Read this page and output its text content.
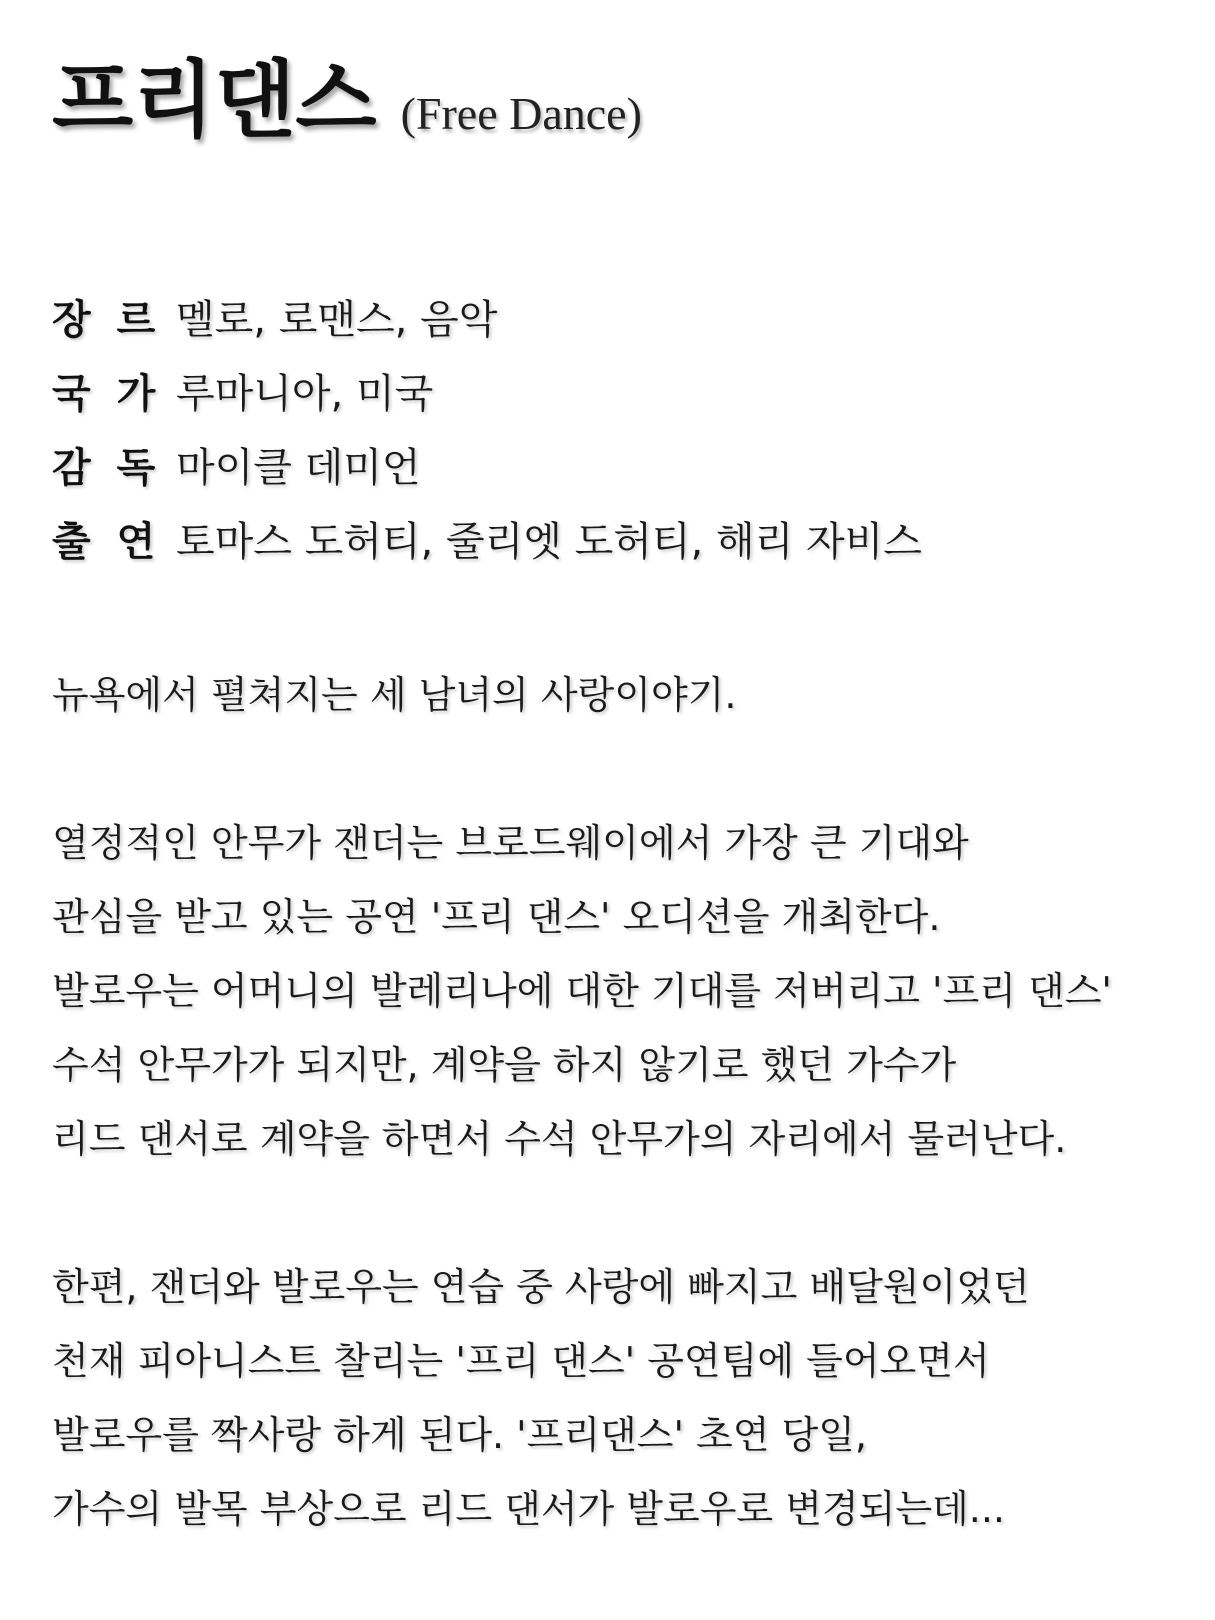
프리댄스 (Free Dance)
장 르 멜로, 로맨스, 음악
국 가 루마니아, 미국
감 독 마이클 데미언
출 연 토마스 도허티, 줄리엣 도허티, 해리 자비스
뉴욕에서 펼쳐지는 세 남녀의 사랑이야기.
열정적인 안무가 잰더는 브로드웨이에서 가장 큰 기대와
관심을 받고 있는 공연 '프리 댄스' 오디션을 개최한다.
발로우는 어머니의 발레리나에 대한 기대를 저버리고 '프리 댄스'
수석 안무가가 되지만, 계약을 하지 않기로 했던 가수가
리드 댄서로 계약을 하면서 수석 안무가의 자리에서 물러난다.
한편, 잰더와 발로우는 연습 중 사랑에 빠지고 배달원이었던
천재 피아니스트 찰리는 '프리 댄스' 공연팀에 들어오면서
발로우를 짝사랑 하게 된다. '프리댄스' 초연 당일,
가수의 발목 부상으로 리드 댄서가 발로우로 변경되는데...
